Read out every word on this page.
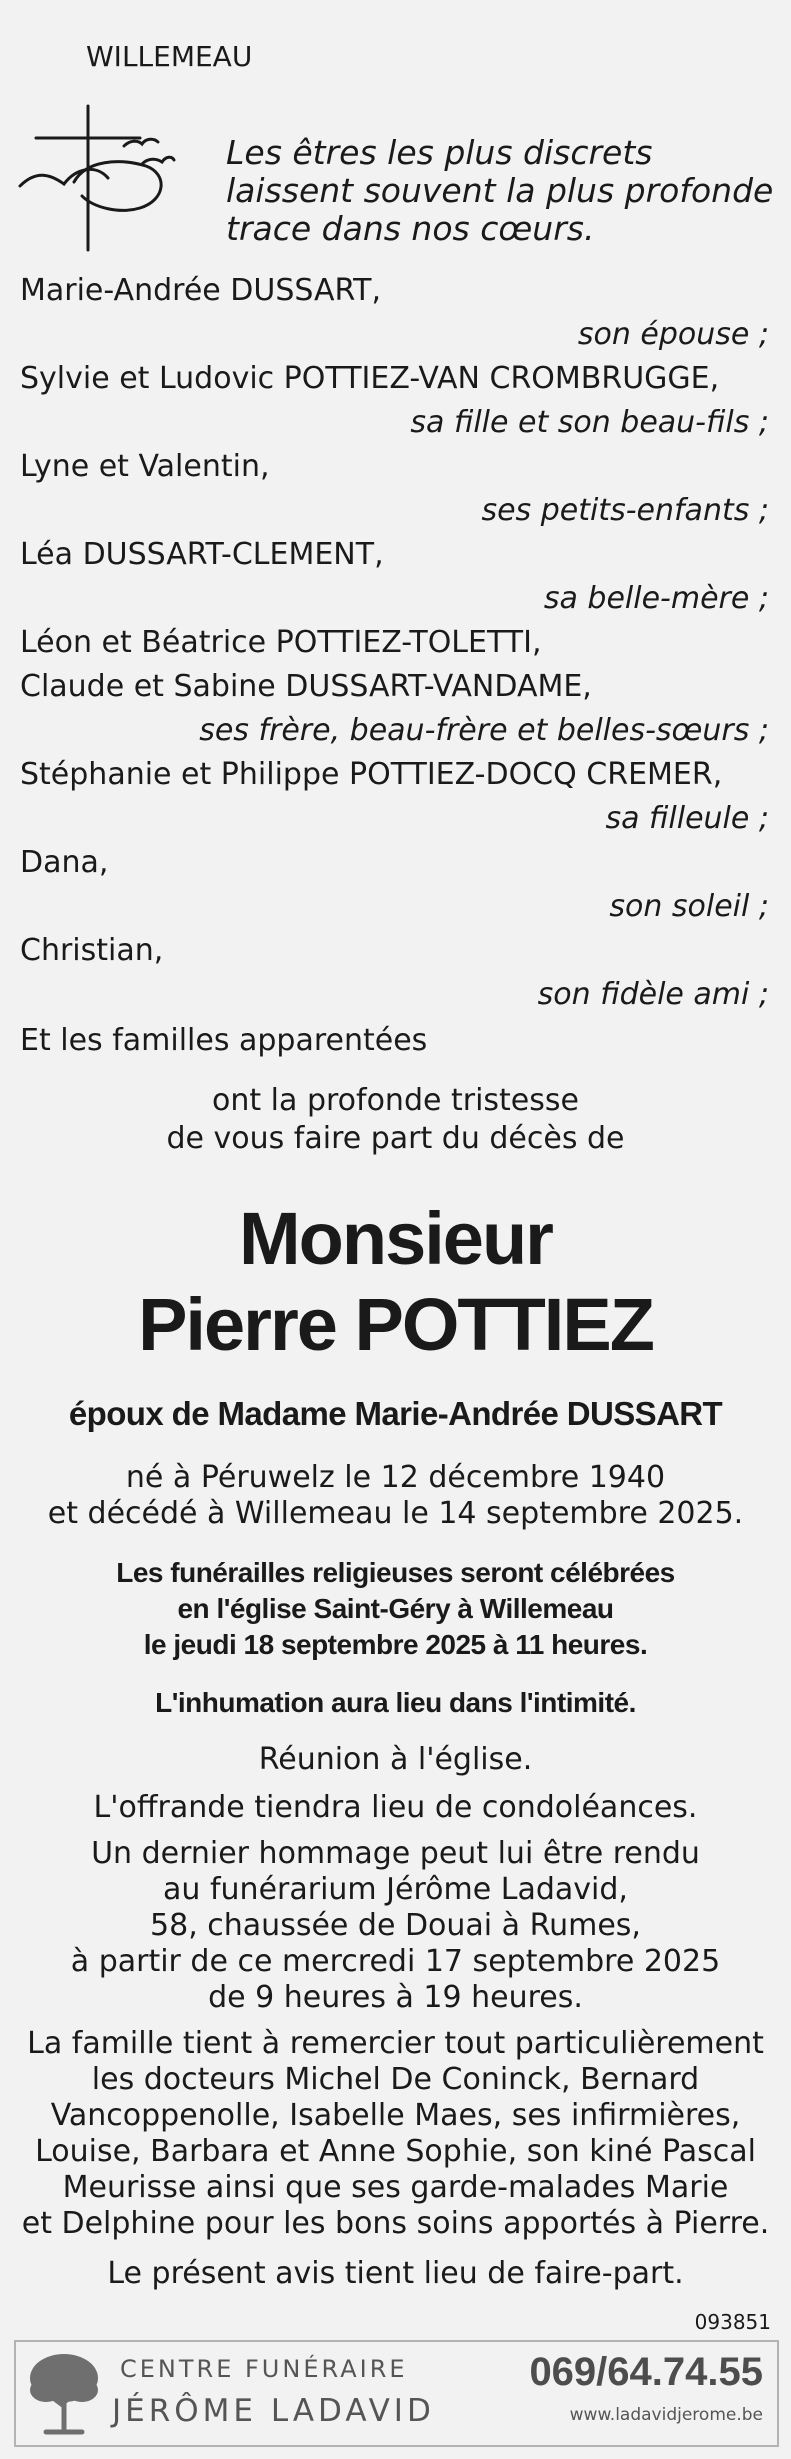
WILLEMEAU
Les êtres les plus discrets
laissent souvent la plus profonde
trace dans nos cœurs.
Marie-Andrée DUSSART,
son épouse ;
Sylvie et Ludovic POTTIEZ-VAN CROMBRUGGE,
sa fille et son beau-fils ;
Lyne et Valentin,
ses petits-enfants ;
Léa DUSSART-CLEMENT,
sa belle-mère ;
Léon et Béatrice POTTIEZ-TOLETTI,
Claude et Sabine DUSSART-VANDAME,
ses frère, beau-frère et belles-sœurs ;
Stéphanie et Philippe POTTIEZ-DOCQ CREMER,
sa filleule ;
Dana,
son soleil ;
Christian,
son fidèle ami ;
Et les familles apparentées
ont la profonde tristesse
de vous faire part du décès de
Monsieur
Pierre POTTIEZ
époux de Madame Marie-Andrée DUSSART
né à Péruwelz le 12 décembre 1940
et décédé à Willemeau le 14 septembre 2025.
Les funérailles religieuses seront célébrées
en l'église Saint-Géry à Willemeau
le jeudi 18 septembre 2025 à 11 heures.
L'inhumation aura lieu dans l'intimité.
Réunion à l'église.
L'offrande tiendra lieu de condoléances.
Un dernier hommage peut lui être rendu
au funérarium Jérôme Ladavid,
58, chaussée de Douai à Rumes,
à partir de ce mercredi 17 septembre 2025
de 9 heures à 19 heures.
La famille tient à remercier tout particulièrement
les docteurs Michel De Coninck, Bernard
Vancoppenolle, Isabelle Maes, ses infirmières,
Louise, Barbara et Anne Sophie, son kiné Pascal
Meurisse ainsi que ses garde-malades Marie
et Delphine pour les bons soins apportés à Pierre.
Le présent avis tient lieu de faire-part.
093851
CENTRE FUNÉRAIRE
JÉRÔME LADAVID
069/64.74.55
www.ladavidjerome.be
